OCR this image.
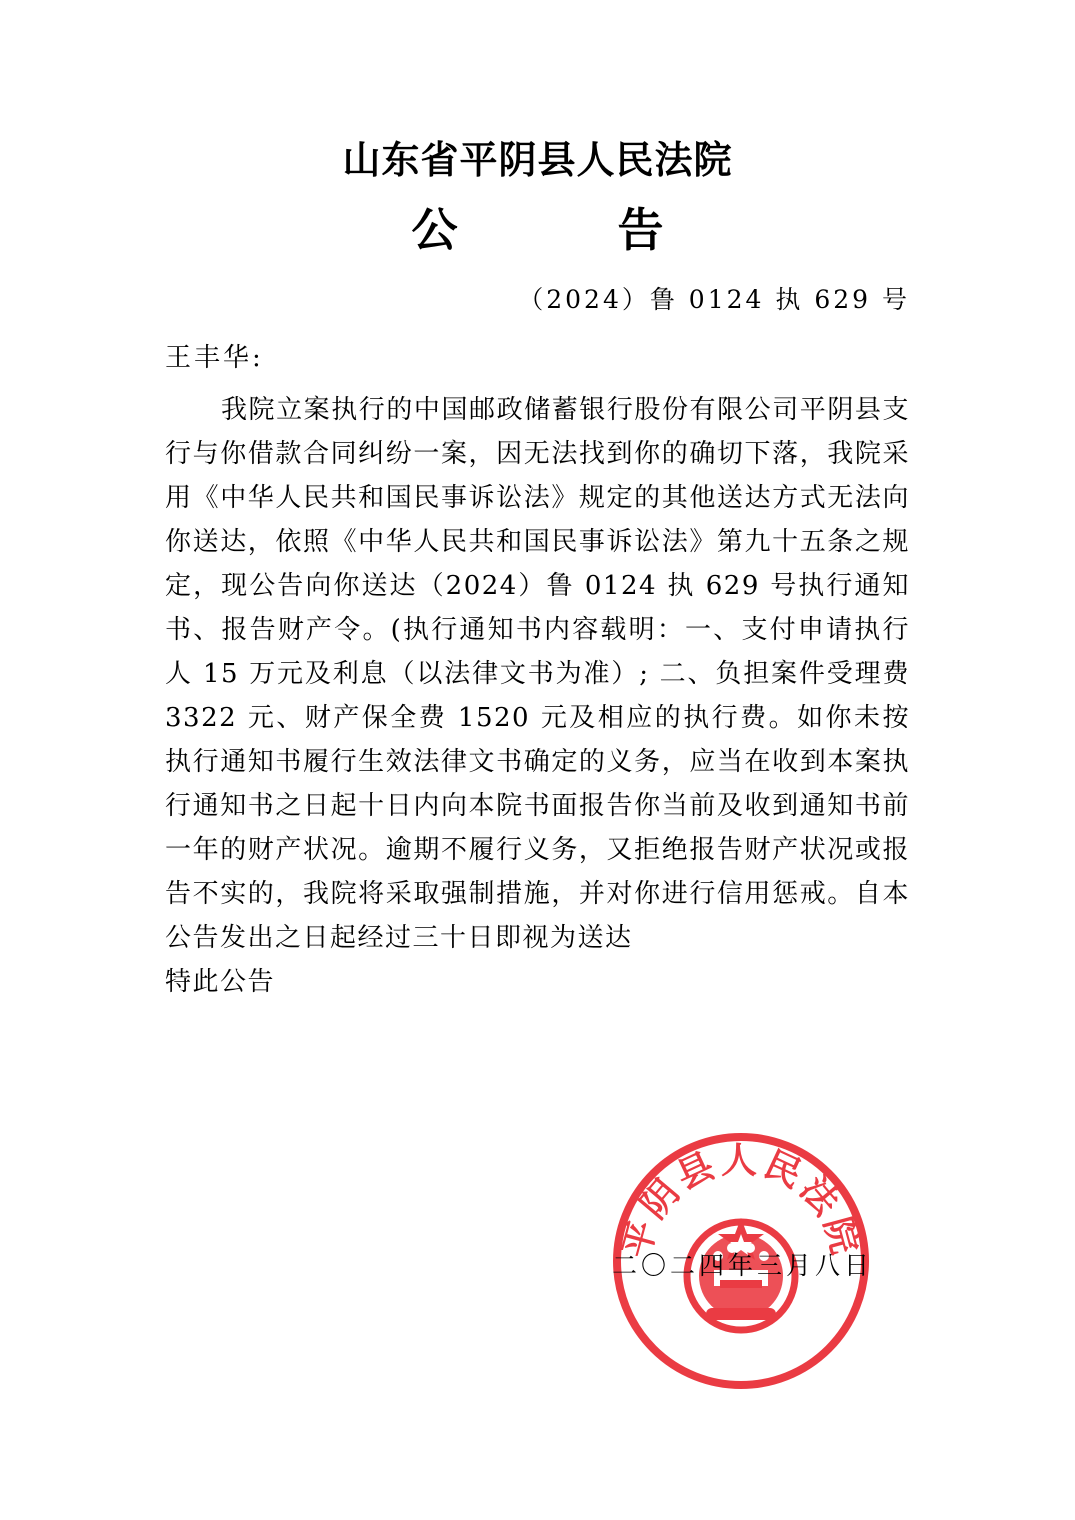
山东省平阴县人民法院
公 告
（2024）鲁 0124 执 629 号
王丰华:

我院立案执行的中国邮政储蓄银行股份有限公司平阴县支行与你借款合同纠纷一案，因无法找到你的确切下落，我院采用《中华人民共和国民事诉讼法》规定的其他送达方式无法向你送达，依照《中华人民共和国民事诉讼法》第九十五条之规定，现公告向你送达（2024）鲁 0124 执 629 号执行通知书、报告财产令。(执行通知书内容载明：一、支付申请执行人 15 万元及利息（以法律文书为准）; 二、负担案件受理费 3322 元、财产保全费 1520 元及相应的执行费。如你未按执行通知书履行生效法律文书确定的义务，应当在收到本案执行通知书之日起十日内向本院书面报告你当前及收到通知书前一年的财产状况。逾期不履行义务，又拒绝报告财产状况或报告不实的，我院将采取强制措施，并对你进行信用惩戒。自本公告发出之日起经过三十日即视为送达

特此公告

平阴县人民法院
二〇二四年三月八日
